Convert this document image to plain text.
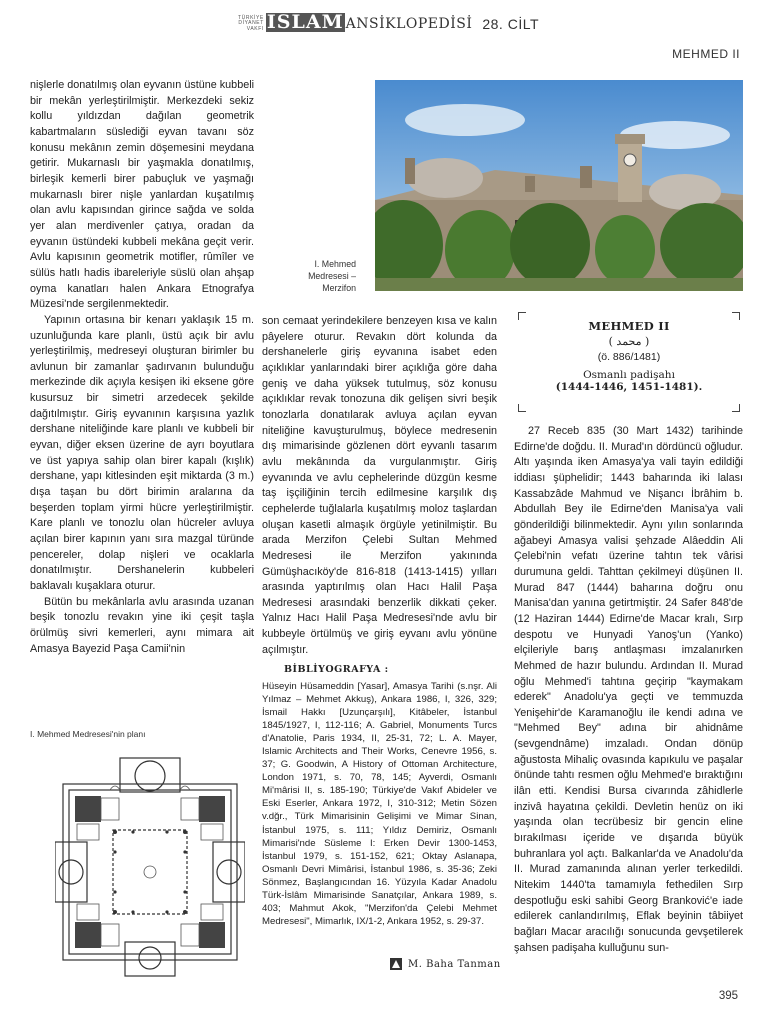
TÜRKİYE
DİYANET
VAKFI İSLÂM ANSİKLOPEDİSİ 28. CİLT
MEHMED II

nişlerle donatılmış olan eyvanın üstüne kubbeli bir mekân yerleştirilmiştir. Merkezdeki sekiz kollu yıldızdan dağılan geometrik kabartmaların süslediği eyvan tavanı söz konusu mekânın zemin döşemesini meydana getirir. Mukarnaslı bir yaşmakla donatılmış, birleşik kemerli birer pabuçluk ve yaşmağı mukarnaslı birer nişle yanlardan kuşatılmış olan avlu kapısından girince sağda ve solda yer alan merdivenler çatıya, oradan da eyvanın üstündeki kubbeli mekâna geçit verir. Avlu kapısının geometrik motifler, rûmîler ve sülüs hatlı hadis ibareleriyle süslü olan ahşap oyma kanatları halen Ankara Etnografya Müzesi'nde sergilenmektedir.

Yapının ortasına bir kenarı yaklaşık 15 m. uzunluğunda kare planlı, üstü açık bir avlu yerleştirilmiş, medreseyi oluşturan birimler bu avlunun bir zamanlar şadırvanın bulunduğu merkezinde dik açıyla kesişen iki eksene göre kusursuz bir simetri arzedecek şekilde dağıtılmıştır. Giriş eyvanının karşısına yazlık dershane niteliğinde kare planlı ve kubbeli bir eyvan, diğer eksen üzerine de ayrı boyutlara ve üst yapıya sahip olan birer kapalı (kışlık) dershane, yapı kitlesinden eşit miktarda (3 m.) dışa taşan bu dört birimin aralarına da beşerden toplam yirmi hücre yerleştirilmiştir. Kare planlı ve tonozlu olan hücreler avluya açılan birer kapının yanı sıra mazgal türünde pencereler, dolap nişleri ve ocaklarla donatılmıştır. Dershanelerin kubbeleri baklavalı kuşaklara oturur.

Bütün bu mekânlarla avlu arasında uzanan beşik tonozlu revakın yine iki çeşit taşla örülmüş sivri kemerleri, aynı mimara ait Amasya Bayezid Paşa Camii'nin

I. Mehmed Medresesi – Merzifon
I. Mehmed Medresesi'nin planı

son cemaat yerindekilere benzeyen kısa ve kalın pâyelere oturur. Revakın dört kolunda da dershanelerle giriş eyvanına isabet eden açıklıklar yanlarındaki birer açıklığa göre daha geniş ve daha yüksek tutulmuş, söz konusu açıklıklar revak tonozuna dik gelişen sivri beşik tonozlarla donatılarak avluya açılan eyvan niteliğine kavuşturulmuş, böylece medresenin dış mimarisinde gözlenen dört eyvanlı tasarım avlu mekânında da vurgulanmıştır. Giriş eyvanında ve avlu cephelerinde düzgün kesme taş işçiliğinin tercih edilmesine karşılık dış cephelerde tuğlalarla kuşatılmış moloz taşlardan oluşan kasetli almaşık örgüyle yetinilmiştir. Bu arada Merzifon Çelebi Sultan Mehmed Medresesi ile Merzifon yakınında Gümüşhacıköy'de 816-818 (1413-1415) yılları arasında yaptırılmış olan Hacı Halil Paşa Medresesi arasındaki benzerlik dikkati çeker. Yalnız Hacı Halil Paşa Medresesi'nde avlu bir kubbeyle örtülmüş ve giriş eyvanı avlu yönüne açılmıştır.

BİBLİYOGRAFYA :
Hüseyin Hüsameddin [Yasar], Amasya Tarihi (s.nşr. Ali Yılmaz – Mehmet Akkuş), Ankara 1986, I, 326, 329; İsmail Hakkı [Uzunçarşılı], Kitâbeler, İstanbul 1845/1927, I, 112-116; A. Gabriel, Monuments Turcs d'Anatolie, Paris 1934, II, 25-31, 72; L. A. Mayer, Islamic Architects and Their Works, Cenevre 1956, s. 37; G. Goodwin, A History of Ottoman Architecture, London 1971, s. 70, 78, 145; Ayverdi, Osmanlı Mi'mârisi II, s. 185-190; Türkiye'de Vakıf Abideler ve Eski Eserler, Ankara 1972, I, 310-312; Metin Sözen v.dğr., Türk Mimarisinin Gelişimi ve Mimar Sinan, İstanbul 1975, s. 111; Yıldız Demiriz, Osmanlı Mimarisi'nde Süsleme I: Erken Devir 1300-1453, İstanbul 1979, s. 151-152, 621; Oktay Aslanapa, Osmanlı Devri Mimârisi, İstanbul 1986, s. 35-36; Zeki Sönmez, Başlangıcından 16. Yüzyıla Kadar Anadolu Türk-İslâm Mimarisinde Sanatçılar, Ankara 1989, s. 403; Mahmut Akok, "Merzifon'da Çelebi Mehmet Medresesi", Mimarlık, IX/1-2, Ankara 1952, s. 29-37.
M. Baha Tanman
MEHMED II
( محمد )
(ö. 886/1481)
Osmanlı padişahı
(1444-1446, 1451-1481).

27 Receb 835 (30 Mart 1432) tarihinde Edirne'de doğdu. II. Murad'ın dördüncü oğludur. Altı yaşında iken Amasya'ya vali tayin edildiği iddiası şüphelidir; 1443 baharında iki lalası Kassabzâde Mahmud ve Nişancı İbrâhim b. Abdullah Bey ile Edirne'den Manisa'ya vali gönderildiği bilinmektedir. Aynı yılın sonlarında ağabeyi Amasya valisi şehzade Alâeddin Ali Çelebi'nin vefatı üzerine tahtın tek vârisi durumuna geldi. Tahttan çekilmeyi düşünen II. Murad 847 (1444) baharına doğru onu Manisa'dan yanına getirtmiştir. 24 Safer 848'de (12 Haziran 1444) Edirne'de Macar kralı, Sırp despotu ve Hunyadi Yanoş'un (Yanko) elçileriyle barış antlaşması imzalanırken Mehmed de hazır bulundu. Ardından II. Murad oğlu Mehmed'i tahtına geçirip "kaymakam ederek" Anadolu'ya geçti ve temmuzda Yenişehir'de Karamanoğlu ile kendi adına ve "Mehmed Bey" adına bir ahidnâme (sevgendnâme) imzaladı. Ondan dönüp ağustosta Mihaliç ovasında kapıkulu ve paşalar önünde tahtı resmen oğlu Mehmed'e bıraktığını ilân etti. Kendisi Bursa civarında zâhidlerle inzivâ hayatına çekildi. Devletin henüz on iki yaşında olan tecrübesiz bir gencin eline bırakılması içeride ve dışarıda büyük buhranlara yol açtı. Balkanlar'da ve Anadolu'da II. Murad zamanında alınan yerler terkedildi. Nitekim 1440'ta tamamıyla fethedilen Sırp despotluğu eski sahibi Georg Branković'e iade edilerek canlandırılmış, Eflak beyinin tâbiiyet bağları Macar aracılığı sonucunda gevşetilerek şahsen padişaha kulluğunu sun-

395
